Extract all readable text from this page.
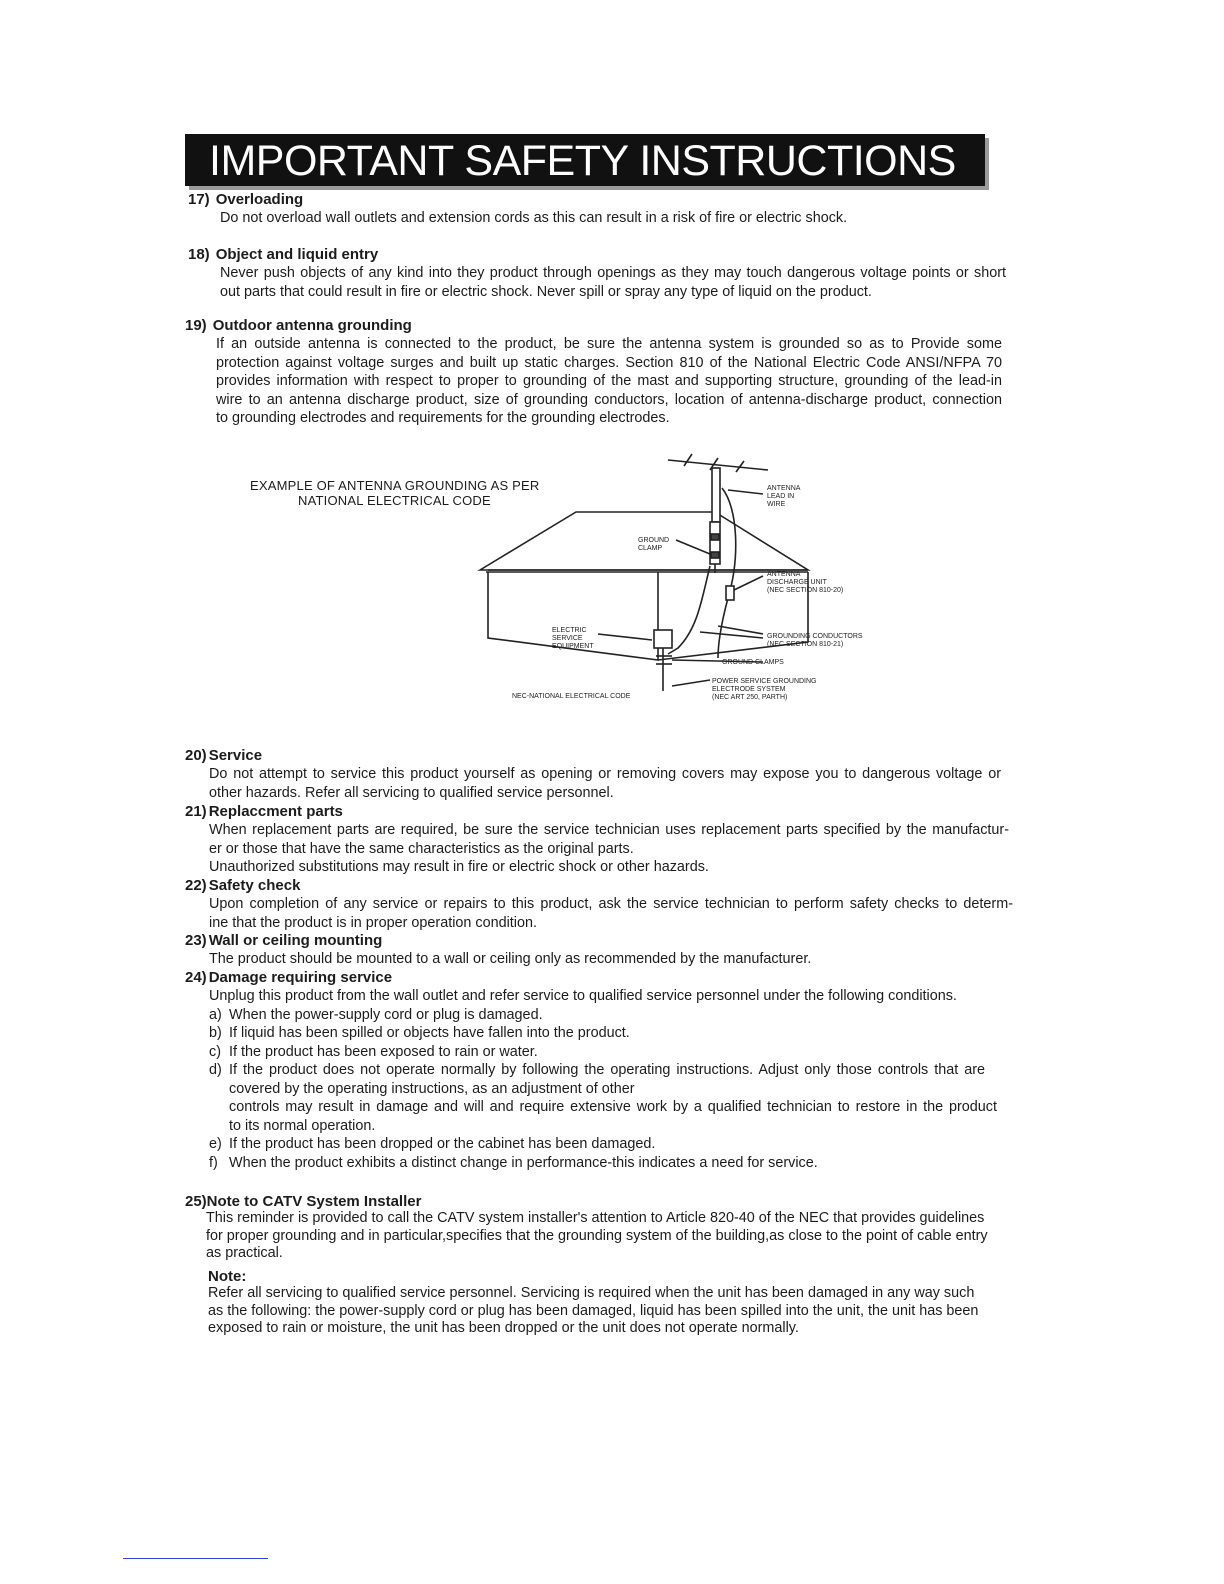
IMPORTANT SAFETY INSTRUCTIONS
17) Overloading

Do not overload wall outlets and extension cords as this can result in a risk of fire or electric shock.

18) Object and liquid entry

Never push objects of any kind into they product through openings as they may touch dangerous voltage points or short

out parts that could result in fire or electric shock. Never spill or spray any type of liquid on the product.

19) Outdoor antenna grounding

If an outside antenna is connected to the product, be sure the antenna system is grounded so as to Provide some

protection against voltage surges and built up static charges. Section 810 of the National Electric Code ANSI/NFPA 70

provides information with respect to proper to grounding of the mast and supporting structure, grounding of the lead-in

wire to an antenna discharge product, size of grounding conductors, location of antenna-discharge product, connection

to grounding electrodes and requirements for the grounding electrodes.

EXAMPLE OF ANTENNA GROUNDING AS PER
NATIONAL ELECTRICAL CODE
ANTENNA LEAD IN WIRE
GROUND CLAMP
ANTENNA DISCHARGE UNIT (NEC SECTION 810-20)
ELECTRIC SERVICE EQUIPMENT
GROUNDING CONDUCTORS (NEC SECTION 810-21)
GROUND CLAMPS
POWER SERVICE GROUNDING ELECTRODE SYSTEM (NEC ART 250, PARTH)
NEC-NATIONAL ELECTRICAL CODE
20) Service

Do not attempt to service this product yourself as opening or removing covers may expose you to dangerous voltage or

other hazards. Refer all servicing to qualified service personnel.

21) Replaccment parts

When replacement parts are required, be sure the service technician uses replacement parts specified by the manufactur-

er or those that have the same characteristics as the original parts.

Unauthorized substitutions may result in fire or electric shock or other hazards.

22) Safety check

Upon completion of any service or repairs to this product, ask the service technician to perform safety checks to determ-

ine that the product is in proper operation condition.

23) Wall or ceiling mounting

The product should be mounted to a wall or ceiling only as recommended by the manufacturer.

24) Damage requiring service

Unplug this product from the wall outlet and refer service to qualified service personnel under the following conditions.

a) When the power-supply cord or plug is damaged.

b) If liquid has been spilled or objects have fallen into the product.

c) If the product has been exposed to rain or water.

d) If the product does not operate normally by following the operating instructions. Adjust only those controls that are

covered by the operating instructions, as an adjustment of other

controls may result in damage and will and require extensive work by a qualified technician to restore in the product

to its normal operation.

e) If the product has been dropped or the cabinet has been damaged.

f) When the product exhibits a distinct change in performance-this indicates a need for service.

25)Note to CATV System Installer

This reminder is provided to call the CATV system installer's attention to Article 820-40 of the NEC that provides guidelines

for proper grounding and in particular,specifies that the grounding system of the building,as close to the point of cable entry

as practical.

Note:

Refer all servicing to qualified service personnel. Servicing is required when the unit has been damaged in any way such

as the following: the power-supply cord or plug has been damaged, liquid has been spilled into the unit, the unit has been

exposed to rain or moisture, the unit has been dropped or the unit does not operate normally.
